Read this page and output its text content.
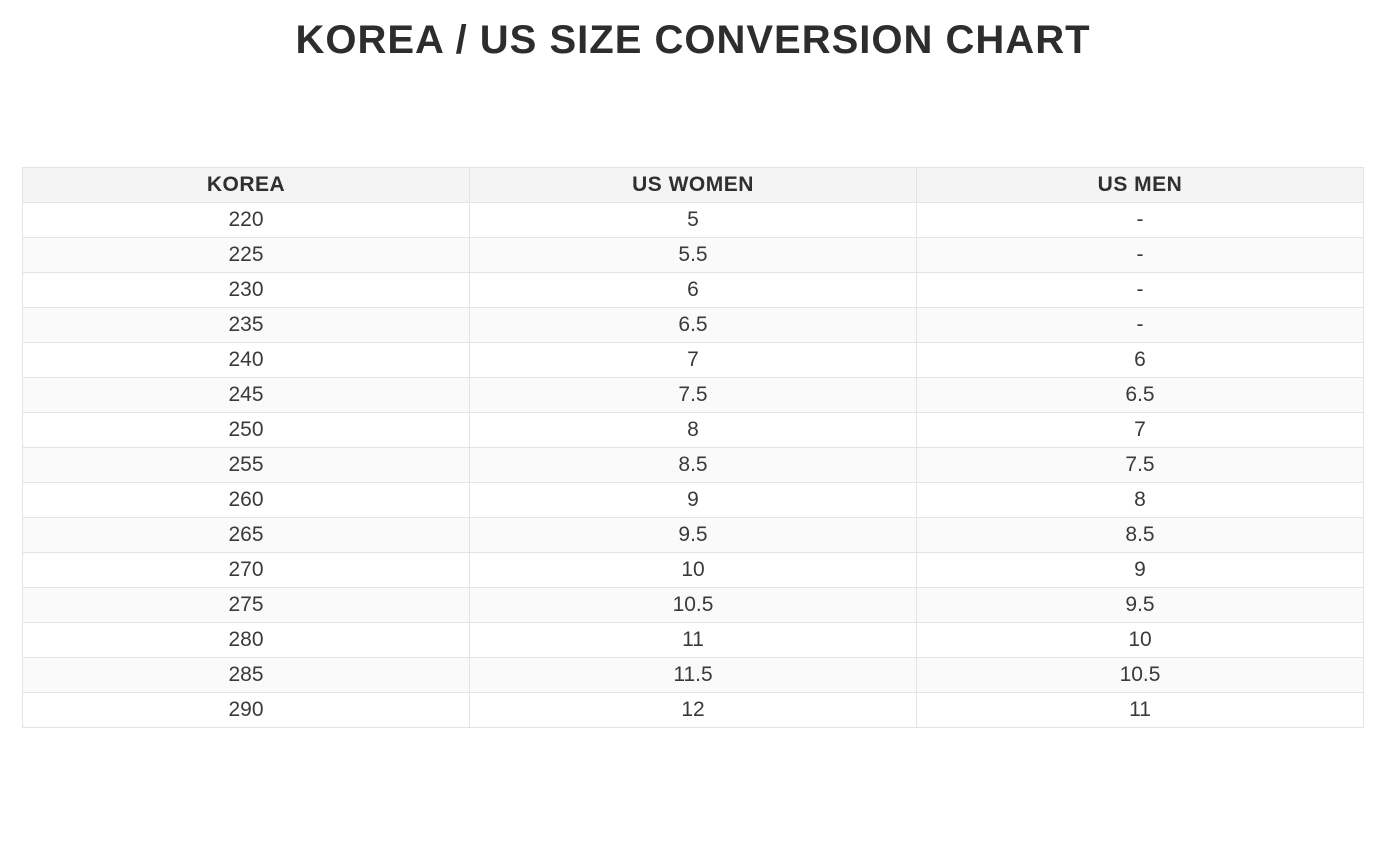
KOREA / US SIZE CONVERSION CHART
KOREA	US WOMEN	US MEN
220	5	-
225	5.5	-
230	6	-
235	6.5	-
240	7	6
245	7.5	6.5
250	8	7
255	8.5	7.5
260	9	8
265	9.5	8.5
270	10	9
275	10.5	9.5
280	11	10
285	11.5	10.5
290	12	11
